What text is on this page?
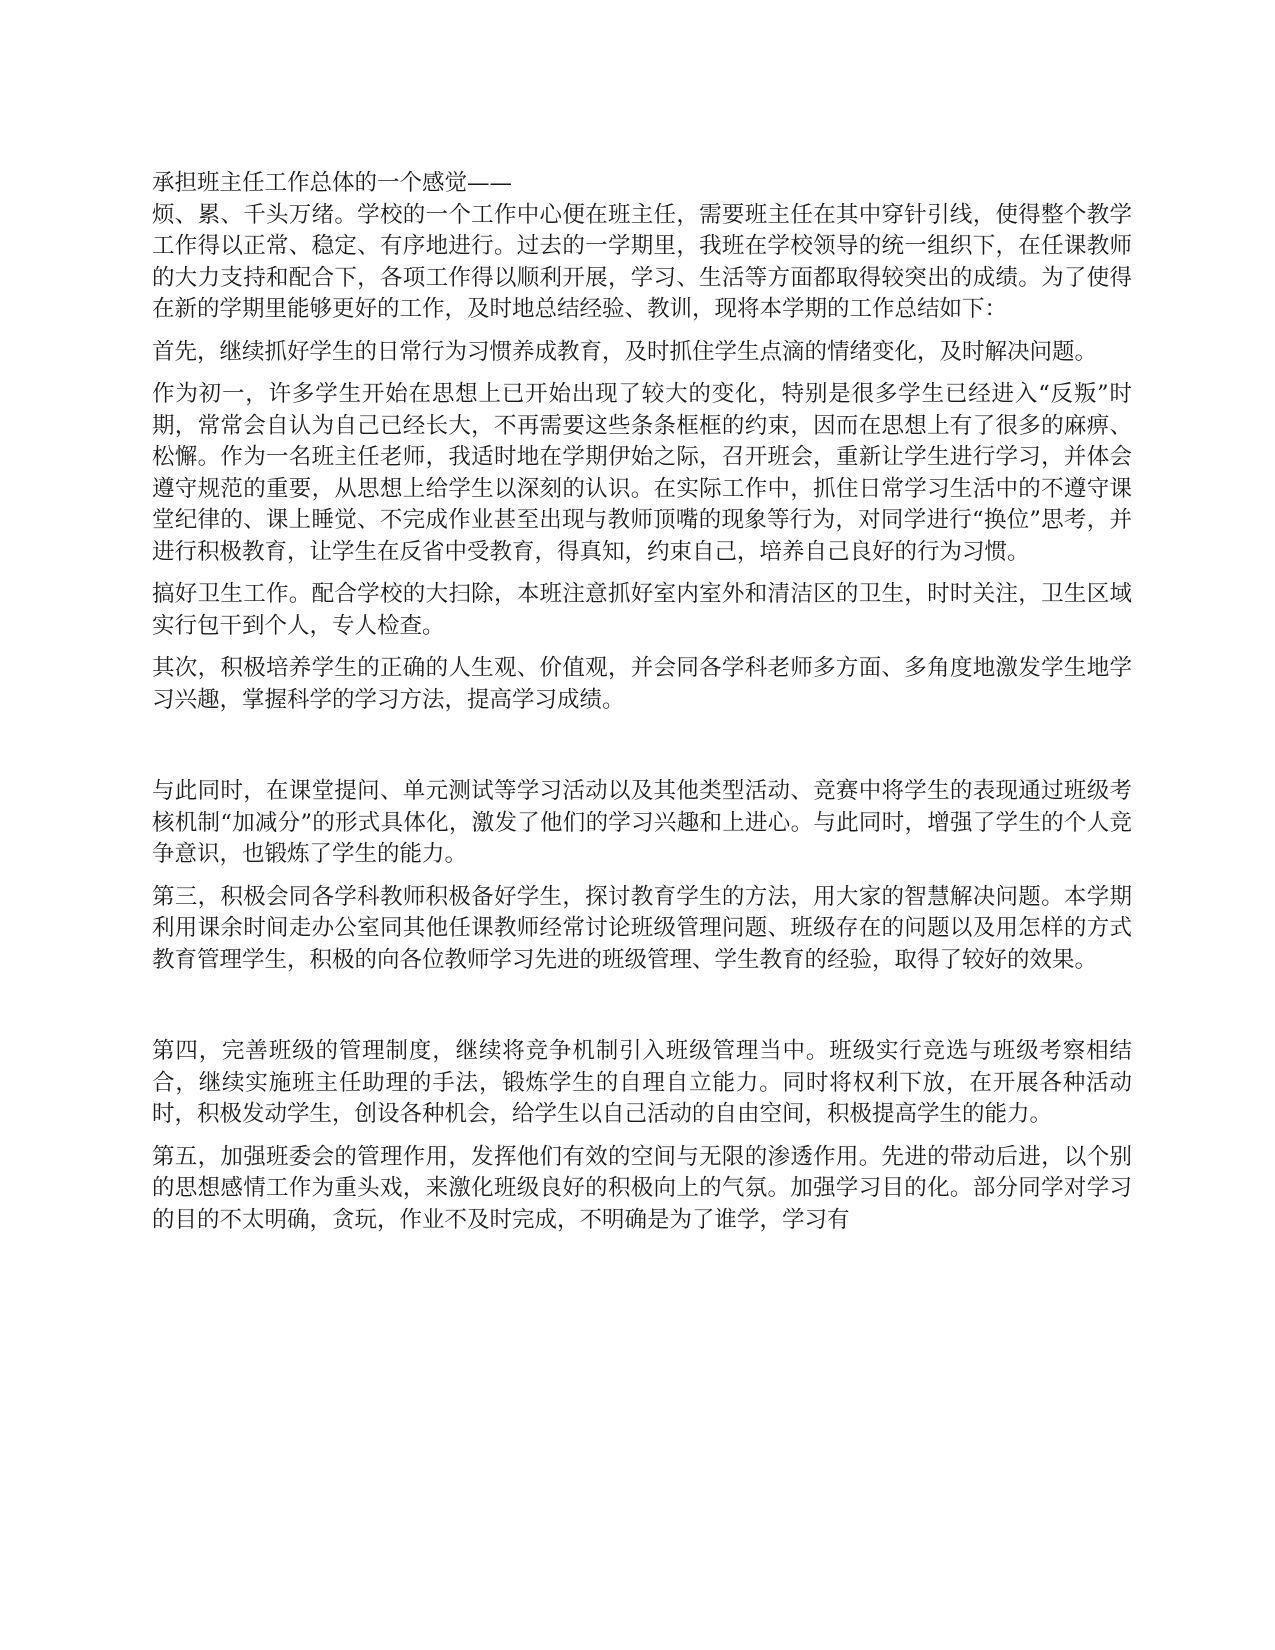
承担班主任工作总体的一个感觉——

烦、累、千头万绪。学校的一个工作中心便在班主任，需要班主任在其中穿针引线，使得整个教学工作得以正常、稳定、有序地进行。过去的一学期里，我班在学校领导的统一组织下，在任课教师的大力支持和配合下，各项工作得以顺利开展，学习、生活等方面都取得较突出的成绩。为了使得在新的学期里能够更好的工作，及时地总结经验、教训，现将本学期的工作总结如下：

首先，继续抓好学生的日常行为习惯养成教育，及时抓住学生点滴的情绪变化，及时解决问题。

作为初一，许多学生开始在思想上已开始出现了较大的变化，特别是很多学生已经进入“反叛”时期，常常会自认为自己已经长大，不再需要这些条条框框的约束，因而在思想上有了很多的麻痹、松懈。作为一名班主任老师，我适时地在学期伊始之际，召开班会，重新让学生进行学习，并体会遵守规范的重要，从思想上给学生以深刻的认识。在实际工作中，抓住日常学习生活中的不遵守课堂纪律的、课上睡觉、不完成作业甚至出现与教师顶嘴的现象等行为，对同学进行“换位”思考，并进行积极教育，让学生在反省中受教育，得真知，约束自己，培养自己良好的行为习惯。

搞好卫生工作。配合学校的大扫除，本班注意抓好室内室外和清洁区的卫生，时时关注，卫生区域实行包干到个人，专人检查。

其次，积极培养学生的正确的人生观、价值观，并会同各学科老师多方面、多角度地激发学生地学习兴趣，掌握科学的学习方法，提高学习成绩。

与此同时，在课堂提问、单元测试等学习活动以及其他类型活动、竞赛中将学生的表现通过班级考核机制“加减分”的形式具体化，激发了他们的学习兴趣和上进心。与此同时，增强了学生的个人竞争意识，也锻炼了学生的能力。

第三，积极会同各学科教师积极备好学生，探讨教育学生的方法，用大家的智慧解决问题。本学期利用课余时间走办公室同其他任课教师经常讨论班级管理问题、班级存在的问题以及用怎样的方式教育管理学生，积极的向各位教师学习先进的班级管理、学生教育的经验，取得了较好的效果。

第四，完善班级的管理制度，继续将竞争机制引入班级管理当中。班级实行竞选与班级考察相结合，继续实施班主任助理的手法，锻炼学生的自理自立能力。同时将权利下放，在开展各种活动时，积极发动学生，创设各种机会，给学生以自己活动的自由空间，积极提高学生的能力。

第五，加强班委会的管理作用，发挥他们有效的空间与无限的渗透作用。先进的带动后进，以个别的思想感情工作为重头戏，来激化班级良好的积极向上的气氛。加强学习目的化。部分同学对学习的目的不太明确，贪玩，作业不及时完成，不明确是为了谁学，学习有
